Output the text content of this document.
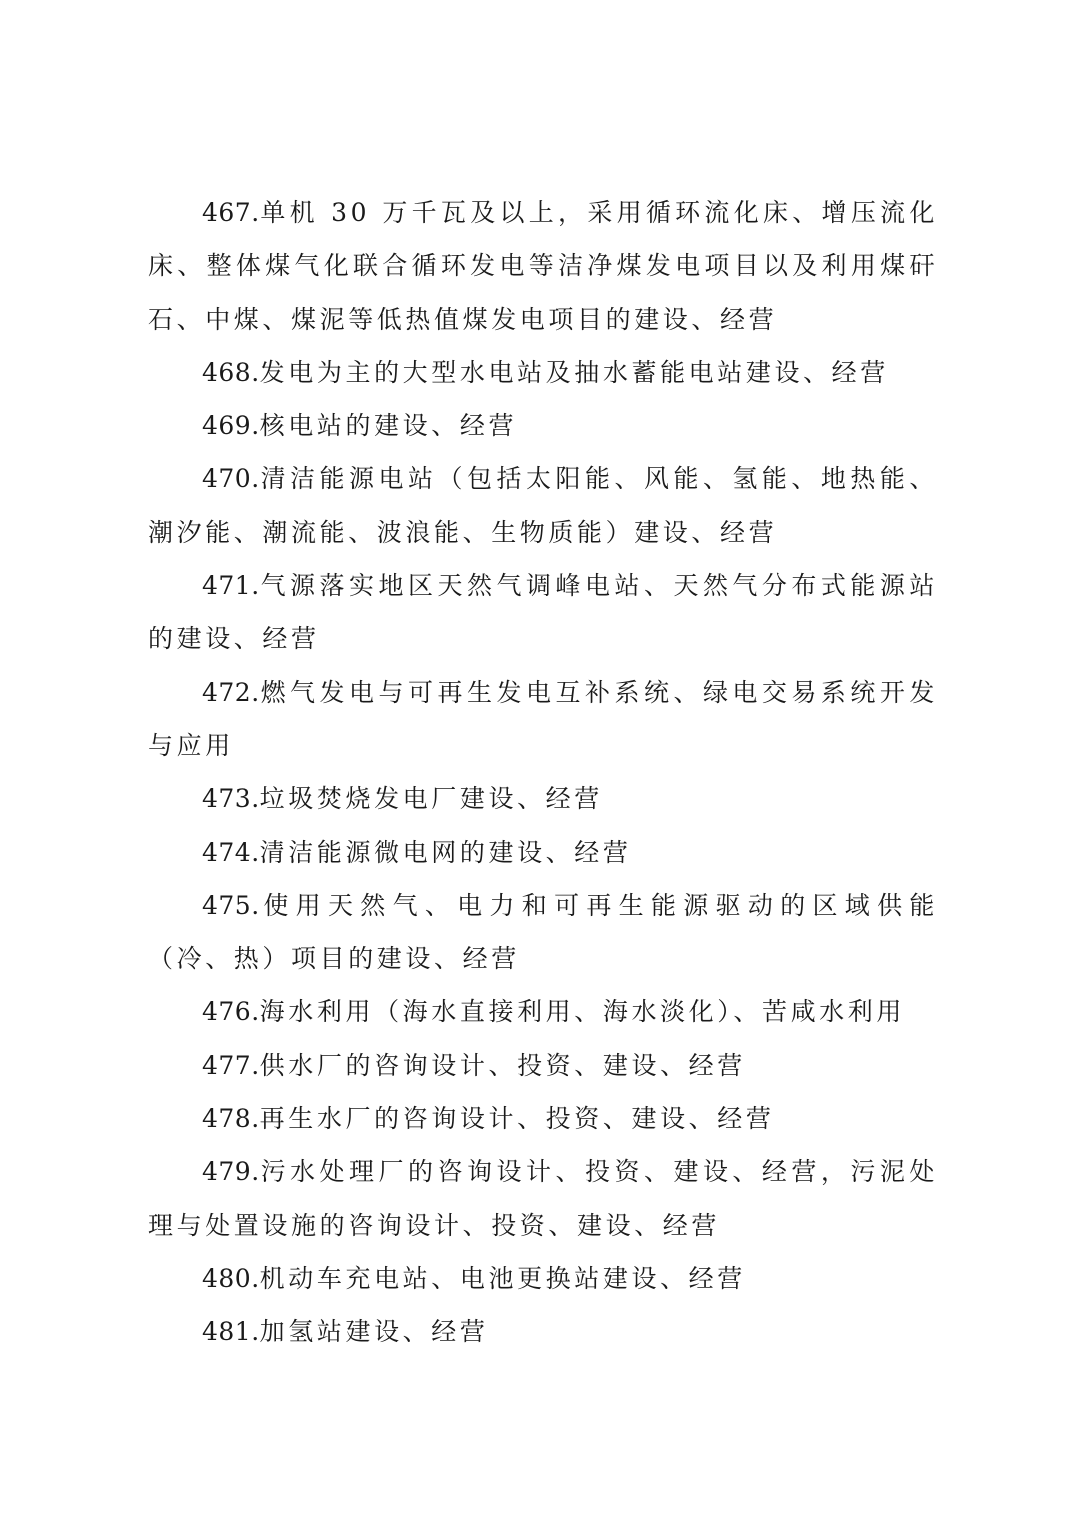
467.单机 30 万千瓦及以上，采用循环流化床、增压流化床、整体煤气化联合循环发电等洁净煤发电项目以及利用煤矸石、中煤、煤泥等低热值煤发电项目的建设、经营

468.发电为主的大型水电站及抽水蓄能电站建设、经营

469.核电站的建设、经营

470.清洁能源电站（包括太阳能、风能、氢能、地热能、潮汐能、潮流能、波浪能、生物质能）建设、经营

471.气源落实地区天然气调峰电站、天然气分布式能源站的建设、经营

472.燃气发电与可再生发电互补系统、绿电交易系统开发与应用

473.垃圾焚烧发电厂建设、经营

474.清洁能源微电网的建设、经营

475.使用天然气、电力和可再生能源驱动的区域供能（冷、热）项目的建设、经营

476.海水利用（海水直接利用、海水淡化）、苦咸水利用

477.供水厂的咨询设计、投资、建设、经营

478.再生水厂的咨询设计、投资、建设、经营

479.污水处理厂的咨询设计、投资、建设、经营，污泥处理与处置设施的咨询设计、投资、建设、经营

480.机动车充电站、电池更换站建设、经营

481.加氢站建设、经营
